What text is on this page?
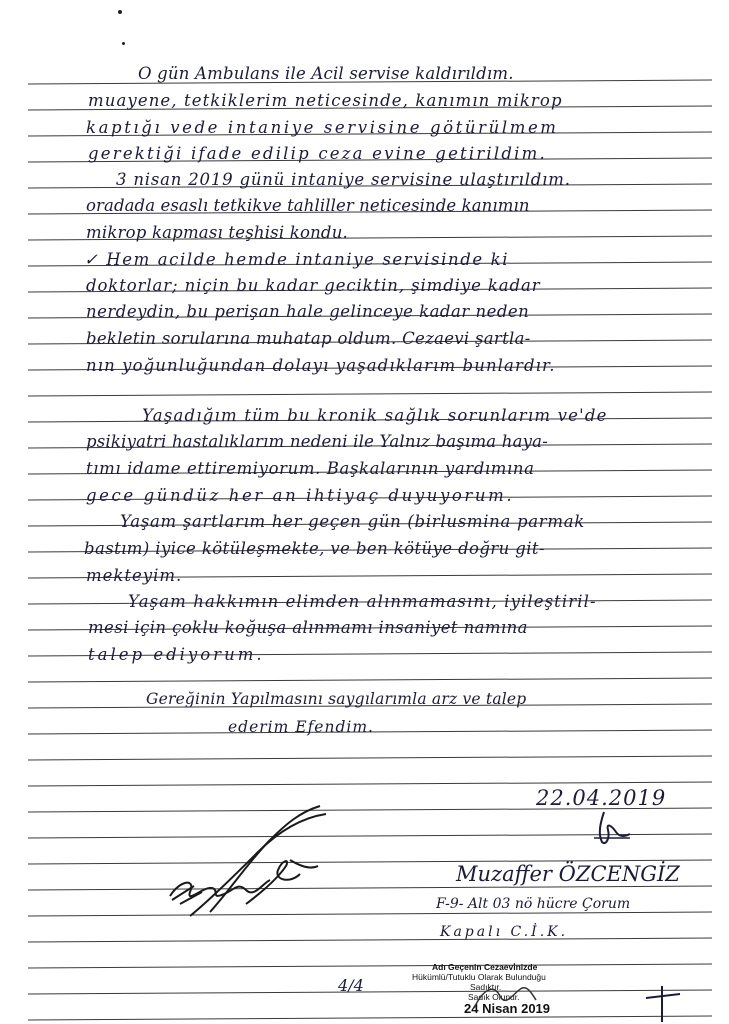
O gün Ambulans ile Acil servise kaldırıldım.
muayene, tetkiklerim neticesinde, kanımın mikrop
kaptığı vede intaniye servisine götürülmem
gerektiği ifade edilip ceza evine getirildim.
3 nisan 2019 günü intaniye servisine ulaştırıldım.
oradada esaslı tetkikve tahliller neticesinde kanımın
mikrop kapması teşhisi kondu.
✓ Hem acilde hemde intaniye servisinde ki
doktorlar; niçin bu kadar geciktin, şimdiye kadar
nerdeydin, bu perişan hale gelinceye kadar neden
bekletin sorularına muhatap oldum. Cezaevi şartla-
nın yoğunluğundan dolayı yaşadıklarım bunlardır.
Yaşadığım tüm bu kronik sağlık sorunlarım ve'de
psikiyatri hastalıklarım nedeni ile Yalnız başıma haya-
tımı idame ettiremiyorum. Başkalarının yardımına
gece gündüz her an ihtiyaç duyuyorum.
Yaşam şartlarım her geçen gün (birlusmina parmak
bastım) iyice kötüleşmekte, ve ben kötüye doğru git-
mekteyim.
Yaşam hakkımın elimden alınmamasını, iyileştiril-
mesi için çoklu koğuşa alınmamı insaniyet namına
talep ediyorum.
Gereğinin Yapılmasını saygılarımla arz ve talep
ederim Efendim.
22.04.2019
Muzaffer ÖZCENGİZ
F-9- Alt 03 nö hücre Çorum
Kapalı C.İ.K.
4/4
Adı Geçenin Cezaevi̇nizde
Hükümlü/Tutuklu Olarak Bulunduğu
Sadıktır.
Sadık Olunur.
24 Nisan 2019
